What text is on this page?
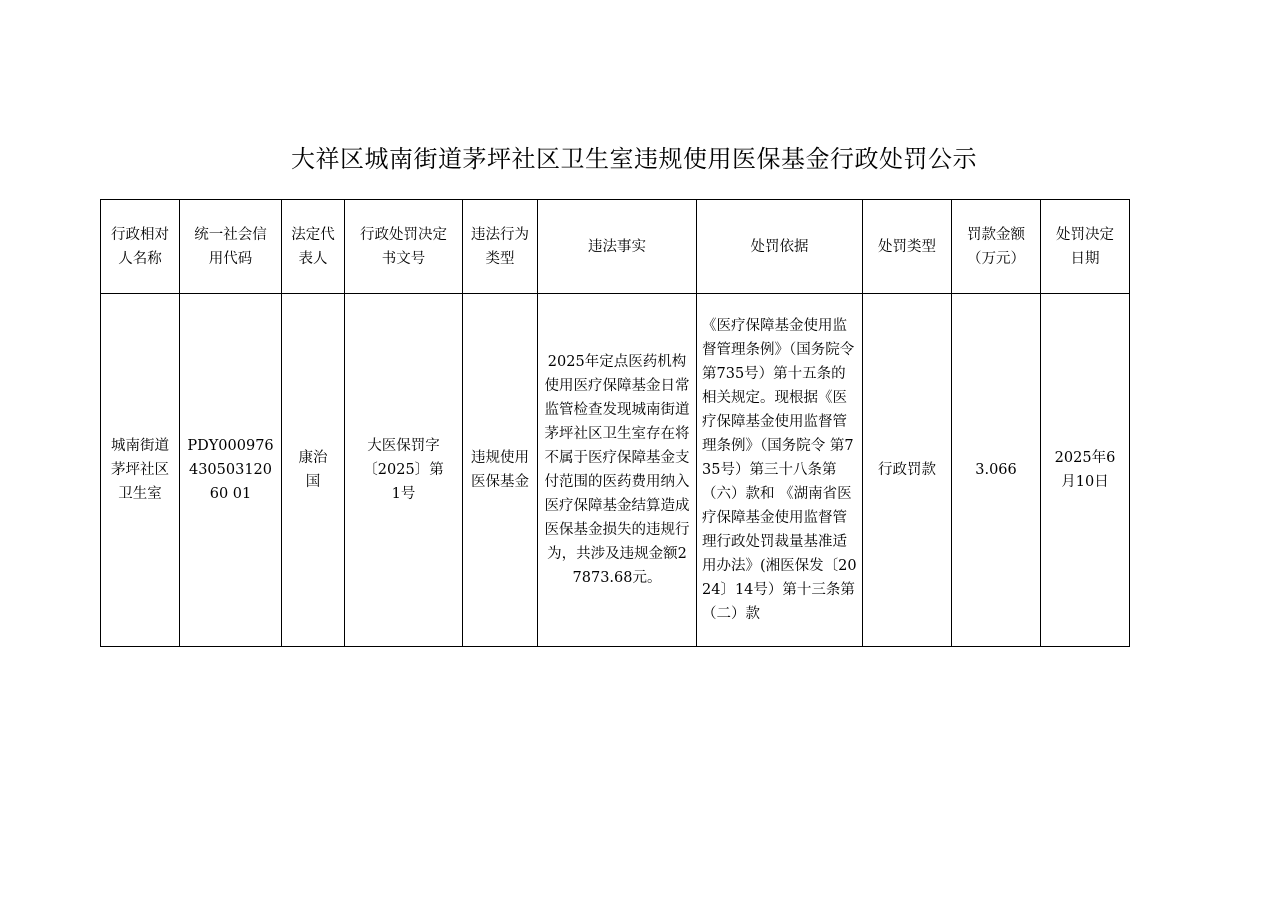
大祥区城南街道茅坪社区卫生室违规使用医保基金行政处罚公示
行政相对人名称	统一社会信用代码	法定代表人	行政处罚决定书文号	违法行为类型	违法事实	处罚依据	处罚类型	罚款金额（万元）	处罚决定日期

城南街道茅坪社区卫生室	PDY00097643050312060 01	康治国	大医保罚字〔2025〕第 1号	违规使用医保基金	2025年定点医药机构使用医疗保障基金日常监管检查发现城南街道茅坪社区卫生室存在将不属于医疗保障基金支付范围的医药费用纳入医疗保障基金结算造成医保基金损失的违规行为，共涉及违规金额27873.68元。	《医疗保障基金使用监督管理条例》（国务院令 第735号）第十五条的相关规定。现根据《医疗保障基金使用监督管理条例》（国务院令 第735号）第三十八条第（六）款和 《湖南省医疗保障基金使用监督管理行政处罚裁量基准适用办法》(湘医保发〔2024〕14号）第十三条第（二）款	行政罚款	3.066	2025年6月10日
